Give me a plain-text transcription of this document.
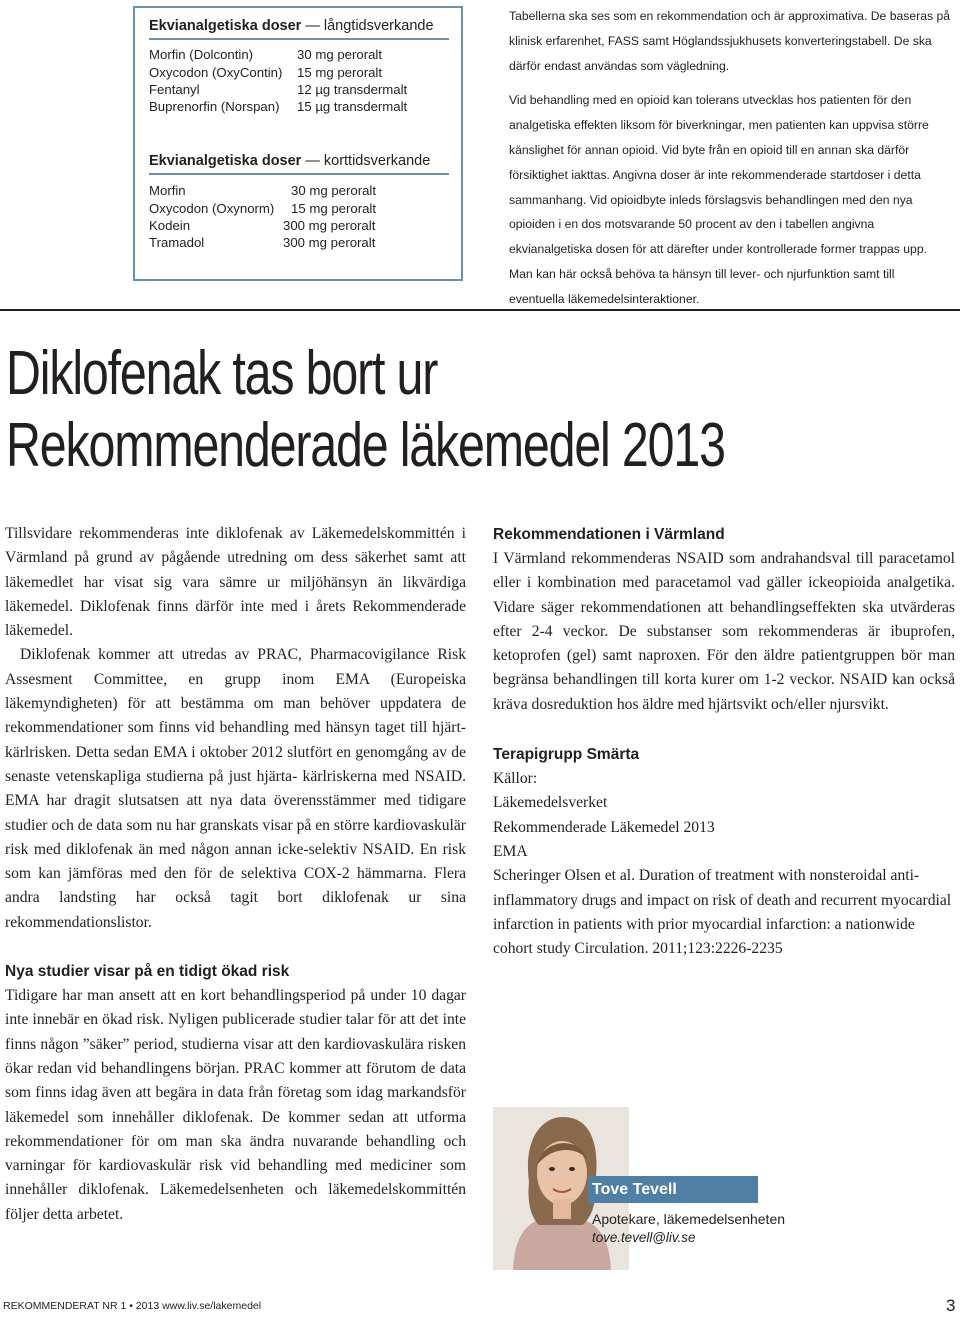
Ekvianalgetiska doser — långtidsverkande
Morfin (Dolcontin)	30 mg peroralt
Oxycodon (OxyContin) 15 mg peroralt
Fentanyl	12 µg transdermalt
Buprenorfin (Norspan) 15 µg transdermalt
Ekvianalgetiska doser — korttidsverkande
Morfin	30 mg peroralt
Oxycodon (Oxynorm) 15 mg peroralt
Kodein	300 mg peroralt
Tramadol	300 mg peroralt

Tabellerna ska ses som en rekommendation och är approximativa. De baseras på klinisk erfarenhet, FASS samt Höglandssjukhusets konverteringstabell. De ska därför endast användas som vägledning.

Vid behandling med en opioid kan tolerans utvecklas hos patienten för den analgetiska effekten liksom för biverkningar, men patienten kan uppvisa större känslighet för annan opioid. Vid byte från en opioid till en annan ska därför försiktighet iakttas. Angivna doser är inte rekommenderade startdoser i detta sammanhang. Vid opioidbyte inleds förslagsvis behandlingen med den nya opioiden i en dos motsvarande 50 procent av den i tabellen angivna ekvianalgetiska dosen för att därefter under kontrollerade former trappas upp. Man kan här också behöva ta hänsyn till lever- och njurfunktion samt till eventuella läkemedelsinteraktioner.

Diklofenak tas bort ur
Rekommenderade läkemedel 2013

Tillsvidare rekommenderas inte diklofenak av Läkemedelskommittén i Värmland på grund av pågående utredning om dess säkerhet samt att läkemedlet har visat sig vara sämre ur miljöhänsyn än likvärdiga läkemedel. Diklofenak finns därför inte med i årets Rekommenderade läkemedel.

Diklofenak kommer att utredas av PRAC, Pharmacovigilance Risk Assesment Committee, en grupp inom EMA (Europeiska läkemyndigheten) för att bestämma om man behöver uppdatera de rekommendationer som finns vid behandling med hänsyn taget till hjärt- kärlrisken. Detta sedan EMA i oktober 2012 slutfört en genomgång av de senaste vetenskapliga studierna på just hjärta- kärlriskerna med NSAID. EMA har dragit slutsatsen att nya data överensstämmer med tidigare studier och de data som nu har granskats visar på en större kardiovaskulär risk med diklofenak än med någon annan icke-selektiv NSAID. En risk som kan jämföras med den för de selektiva COX-2 hämmarna. Flera andra landsting har också tagit bort diklofenak ur sina rekommendationslistor.

Nya studier visar på en tidigt ökad risk

Tidigare har man ansett att en kort behandlingsperiod på under 10 dagar inte innebär en ökad risk. Nyligen publicerade studier talar för att det inte finns någon ”säker” period, studierna visar att den kardiovaskulära risken ökar redan vid behandlingens början. PRAC kommer att förutom de data som finns idag även att begära in data från företag som idag markandsför läkemedel som innehåller diklofenak. De kommer sedan att utforma rekommendationer för om man ska ändra nuvarande behandling och varningar för kardiovaskulär risk vid behandling med mediciner som innehåller diklofenak. Läkemedelsenheten och läkemedelskommittén följer detta arbetet.

Rekommendationen i Värmland

I Värmland rekommenderas NSAID som andrahandsval till paracetamol eller i kombination med paracetamol vad gäller ickeopioida analgetika. Vidare säger rekommendationen att behandlingseffekten ska utvärderas efter 2-4 veckor. De substanser som rekommenderas är ibuprofen, ketoprofen (gel) samt naproxen. För den äldre patientgruppen bör man begränsa behandlingen till korta kurer om 1-2 veckor. NSAID kan också kräva dosreduktion hos äldre med hjärtsvikt och/eller njursvikt.

Terapigrupp Smärta
Källor:
Läkemedelsverket
Rekommenderade Läkemedel 2013
EMA

Scheringer Olsen et al. Duration of treatment with nonsteroidal anti-inflammatory drugs and impact on risk of death and recurrent myocardial infarction in patients with prior myocardial infarction: a nationwide cohort study Circulation. 2011;123:2226-2235

Tove Tevell
Apotekare, läkemedelsenheten
tove.tevell@liv.se
REKOMMENDERAT NR 1 • 2013 www.liv.se/lakemedel	3
